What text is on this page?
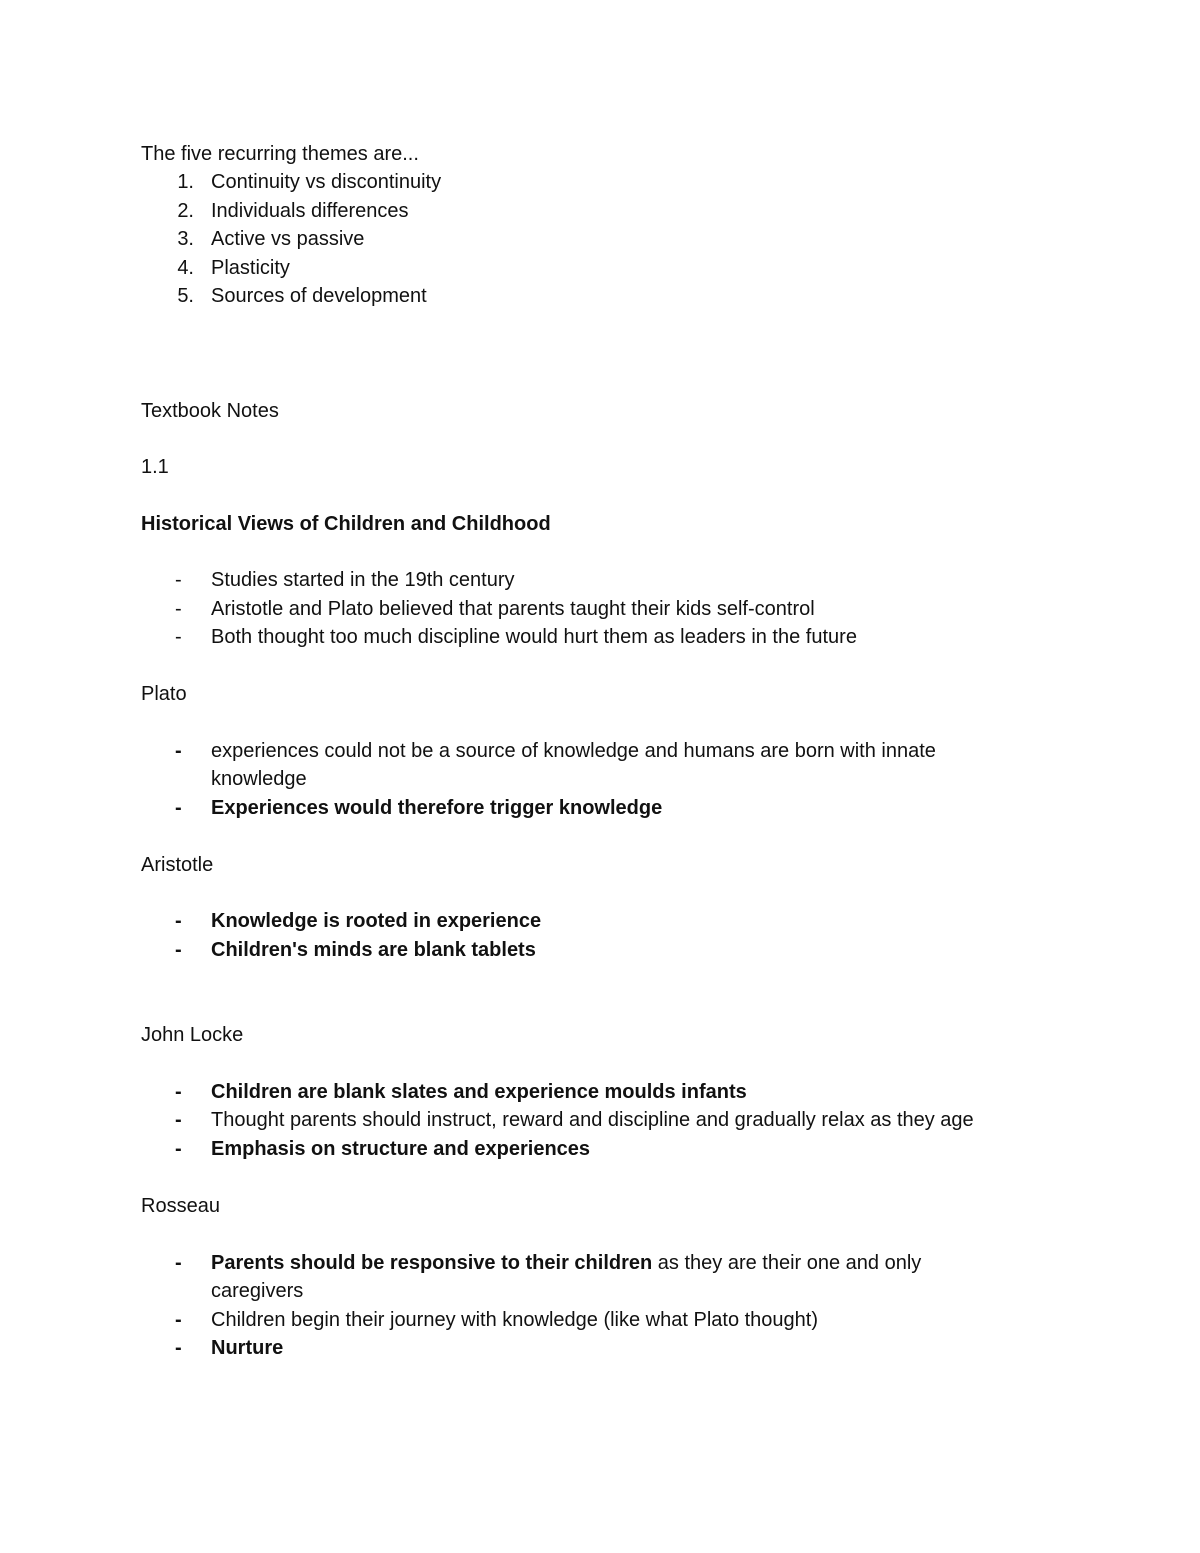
The five recurring themes are...
1. Continuity vs discontinuity
2. Individuals differences
3. Active vs passive
4. Plasticity
5. Sources of development
Textbook Notes
1.1
Historical Views of Children and Childhood
- Studies started in the 19th century
- Aristotle and Plato believed that parents taught their kids self-control
- Both thought too much discipline would hurt them as leaders in the future
Plato
- experiences could not be a source of knowledge and humans are born with innate
knowledge
- Experiences would therefore trigger knowledge
Aristotle
- Knowledge is rooted in experience
- Children's minds are blank tablets
John Locke
- Children are blank slates and experience moulds infants
- Thought parents should instruct, reward and discipline and gradually relax as they age
- Emphasis on structure and experiences
Rosseau
- Parents should be responsive to their children as they are their one and only
caregivers
- Children begin their journey with knowledge (like what Plato thought)
- Nurture
